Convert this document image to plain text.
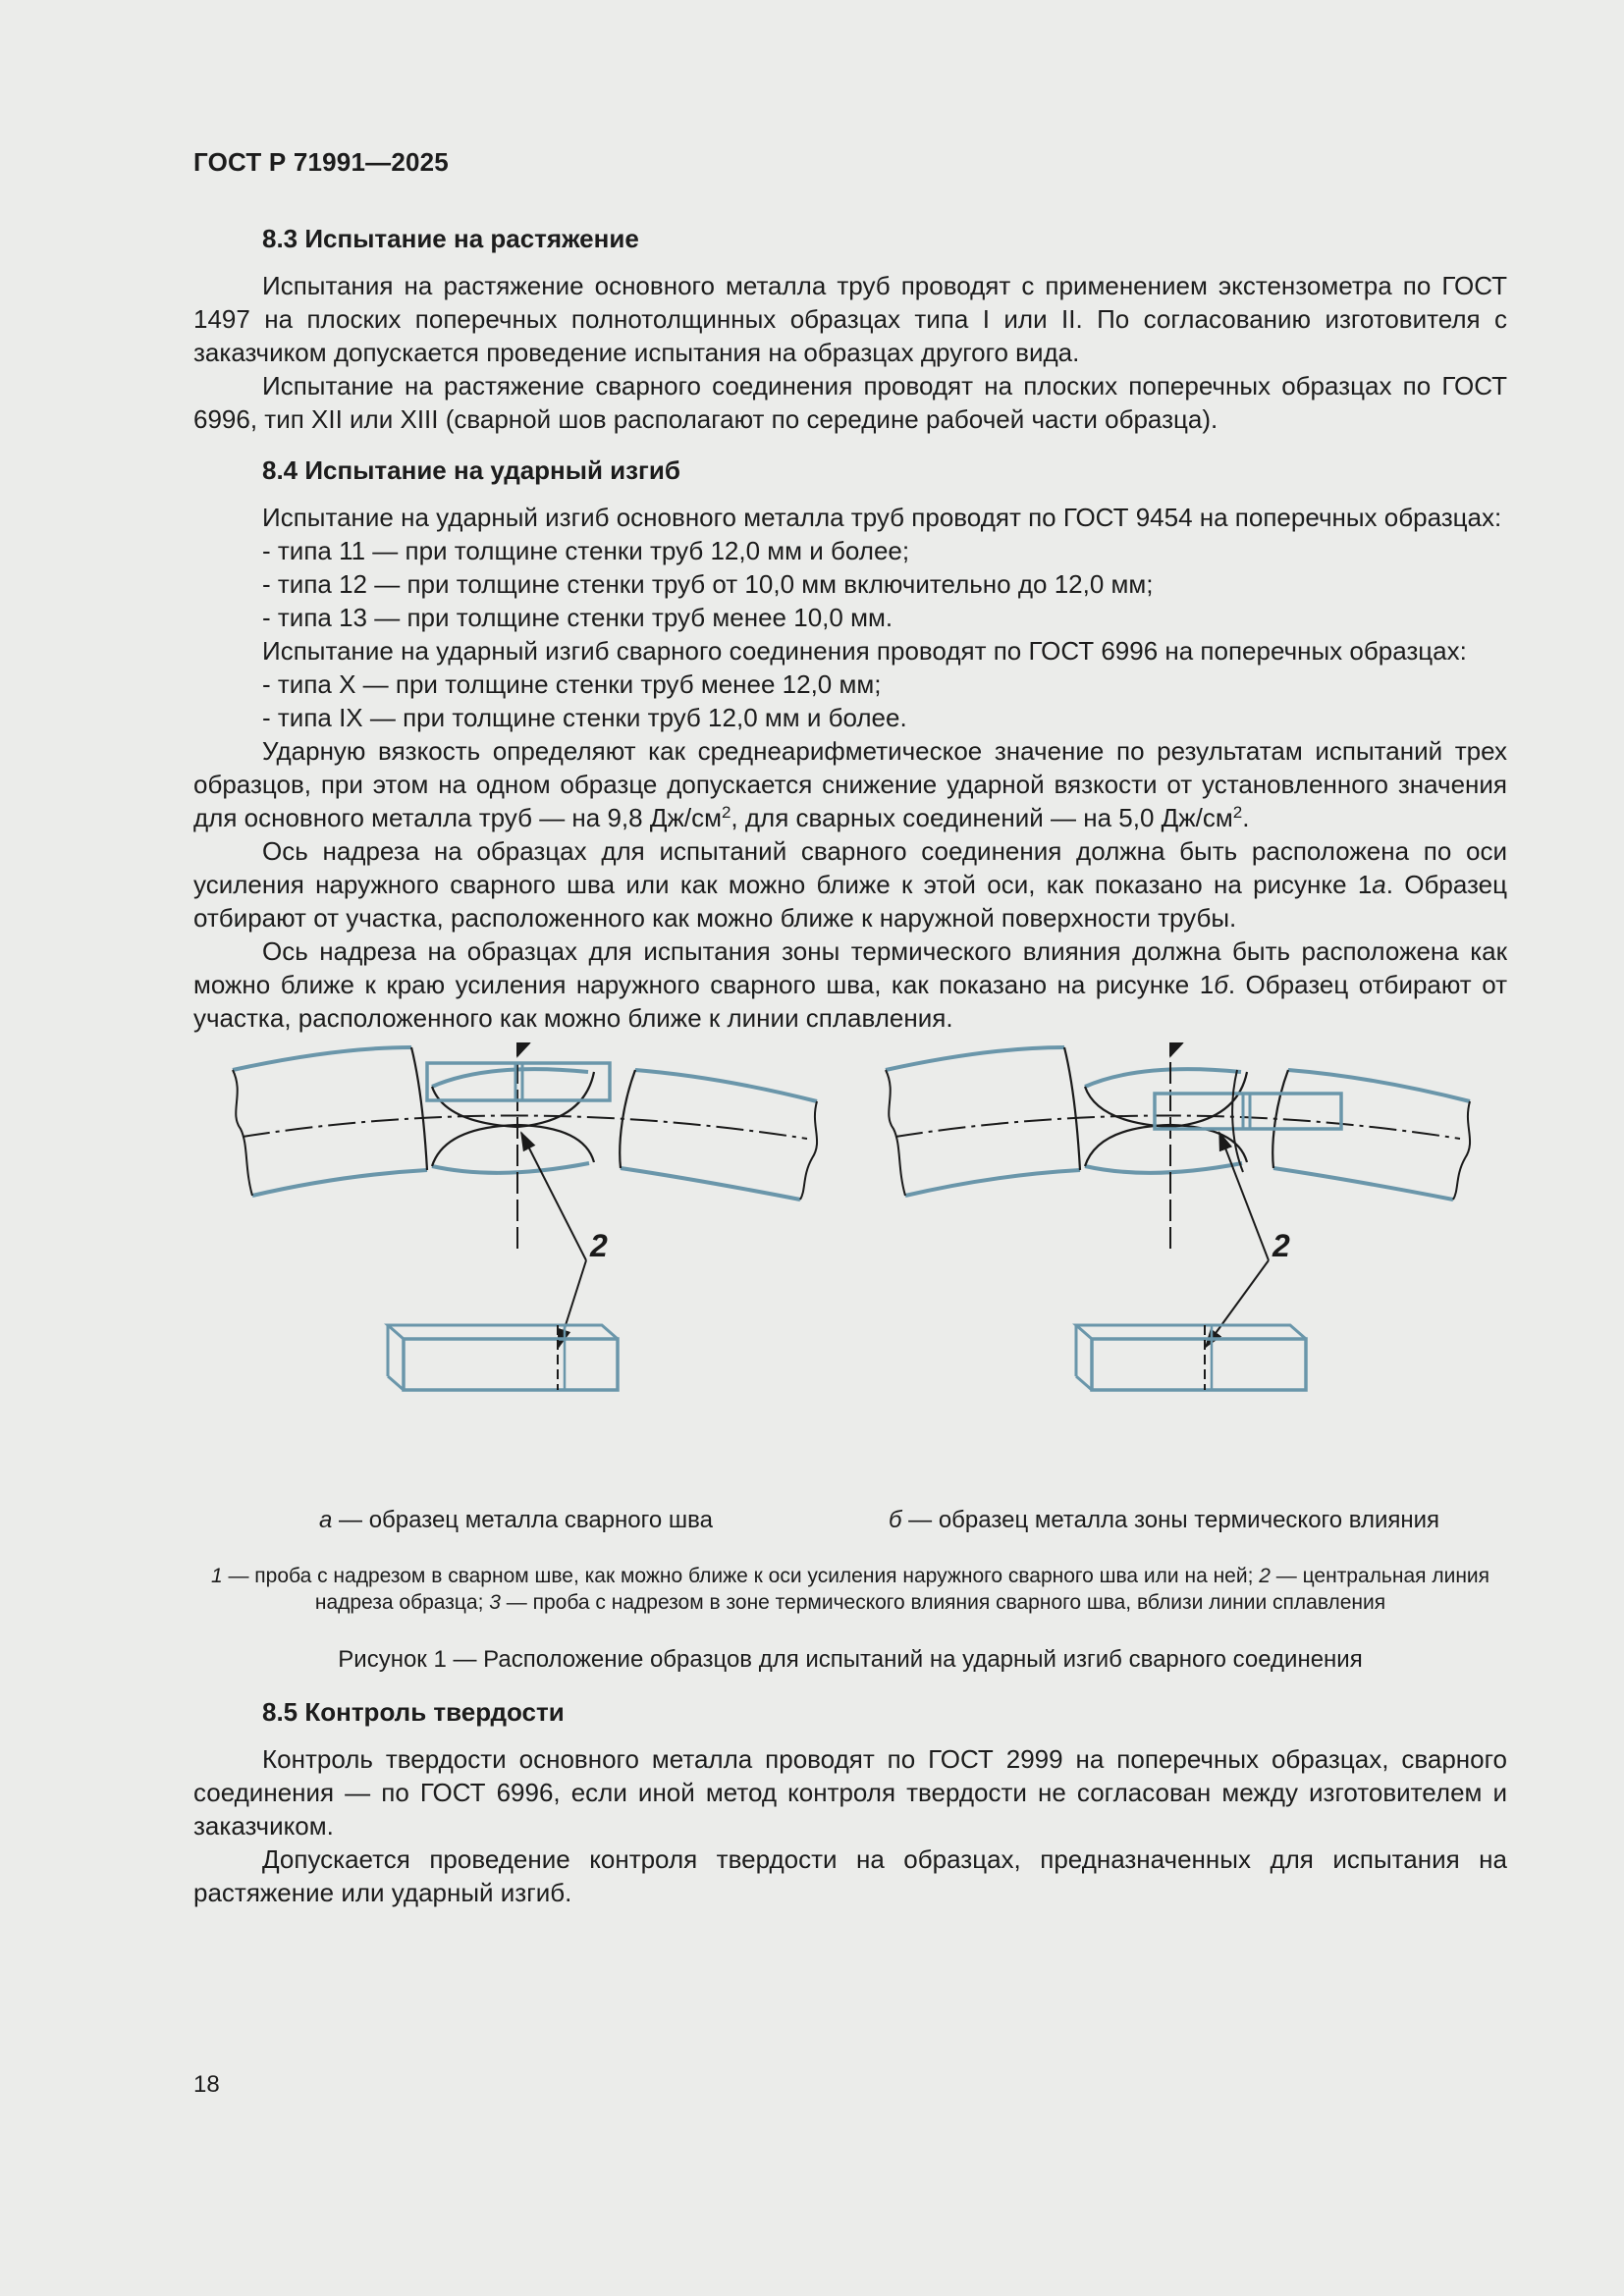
ГОСТ Р 71991—2025
8.3 Испытание на растяжение

Испытания на растяжение основного металла труб проводят с применением экстензометра по ГОСТ 1497 на плоских поперечных полнотолщинных образцах типа I или II. По согласованию изготовителя с заказчиком допускается проведение испытания на образцах другого вида.

Испытание на растяжение сварного соединения проводят на плоских поперечных образцах по ГОСТ 6996, тип XII или XIII (сварной шов располагают по середине рабочей части образца).

8.4 Испытание на ударный изгиб

Испытание на ударный изгиб основного металла труб проводят по ГОСТ 9454 на поперечных образцах:

- типа 11 — при толщине стенки труб 12,0 мм и более;

- типа 12 — при толщине стенки труб от 10,0 мм включительно до 12,0 мм;

- типа 13 — при толщине стенки труб менее 10,0 мм.

Испытание на ударный изгиб сварного соединения проводят по ГОСТ 6996 на поперечных образцах:

- типа X — при толщине стенки труб менее 12,0 мм;

- типа IX — при толщине стенки труб 12,0 мм и более.

Ударную вязкость определяют как среднеарифметическое значение по результатам испытаний трех образцов, при этом на одном образце допускается снижение ударной вязкости от установленного значения для основного металла труб — на 9,8 $Дж/см^2$, для сварных соединений — на 5,0 $Дж/см^2$.

Ось надреза на образцах для испытаний сварного соединения должна быть расположена по оси усиления наружного сварного шва или как можно ближе к этой оси, как показано на рисунке 1а. Образец отбирают от участка, расположенного как можно ближе к наружной поверхности трубы.

Ось надреза на образцах для испытания зоны термического влияния должна быть расположена как можно ближе к краю усиления наружного сварного шва, как показано на рисунке 1б. Образец отбирают от участка, расположенного как можно ближе к линии сплавления.

2	2
а — образец металла сварного шва	б — образец металла зоны термического влияния
1 — проба с надрезом в сварном шве, как можно ближе к оси усиления наружного сварного шва или на ней; 2 — центральная линия надреза образца; 3 — проба с надрезом в зоне термического влияния сварного шва, вблизи линии сплавления
Рисунок 1 — Расположение образцов для испытаний на ударный изгиб сварного соединения
8.5 Контроль твердости

Контроль твердости основного металла проводят по ГОСТ 2999 на поперечных образцах, сварного соединения — по ГОСТ 6996, если иной метод контроля твердости не согласован между изготовителем и заказчиком.

Допускается проведение контроля твердости на образцах, предназначенных для испытания на растяжение или ударный изгиб.

18
